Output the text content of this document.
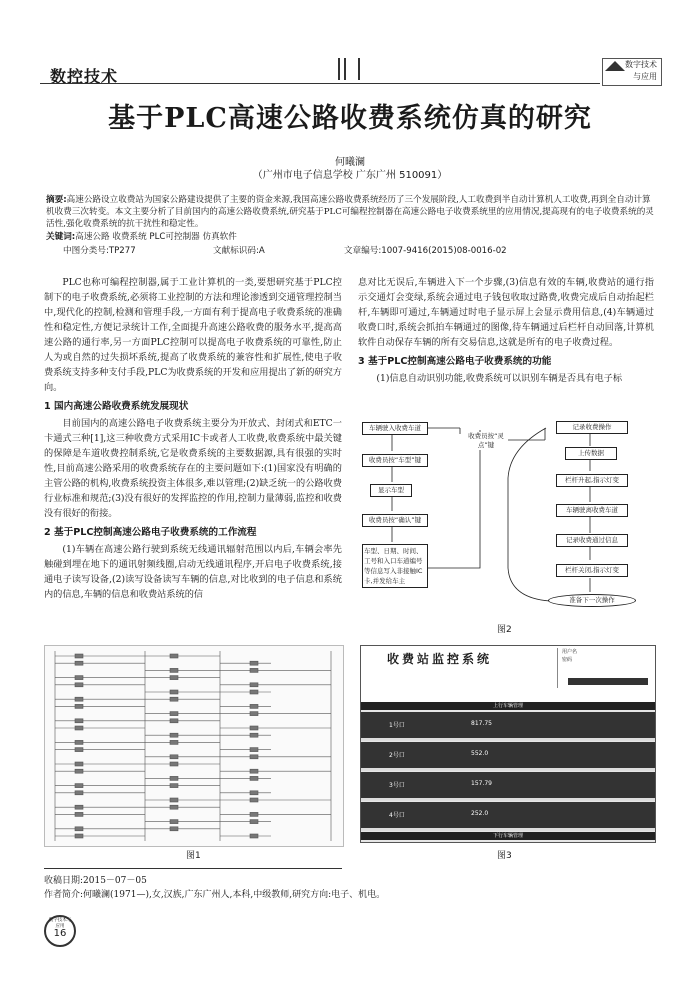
数控技术
数字技术
与应用
基于PLC高速公路收费系统仿真的研究
何曦澜
（广州市电子信息学校 广东广州 510091）
摘要:高速公路设立收费站为国家公路建设提供了主要的资金来源,我国高速公路收费系统经历了三个发展阶段,人工收费到半自动计算机人工收费,再到全自动计算机收费三次转变。本文主要分析了目前国内的高速公路收费系统,研究基于PLC可编程控制器在高速公路电子收费系统里的应用情况,提高现有的电子收费系统的灵活性,强化收费系统的抗干扰性和稳定性。
关键词:高速公路 收费系统 PLC可控制器 仿真软件
中图分类号:TP277	文献标识码:A	文章编号:1007-9416(2015)08-0016-02

PLC也称可编程控制器,属于工业计算机的一类,要想研究基于PLC控制下的电子收费系统,必须将工业控制的方法和理论渗透到交通管理控制当中,现代化的控制,检测和管理手段,一方面有利于提高电子收费系统的准确性和稳定性,方便记录统计工作,全面提升高速公路收费的服务水平,提高高速公路的通行率,另一方面PLC控制可以提高电子收费系统的可靠性,防止人为或自然的过失损坏系统,提高了收费系统的兼容性和扩展性,使电子收费系统支持多种支付手段,PLC为收费系统的开发和应用提出了新的研究方向。

1 国内高速公路收费系统发展现状

目前国内的高速公路电子收费系统主要分为开放式、封闭式和ETC一卡通式三种[1],这三种收费方式采用IC卡或者人工收费,收费系统中最关键的保障是车道收费控制系统,它是收费系统的主要数据源,具有很强的实时性,目前高速公路采用的收费系统存在的主要问题如下:(1)国家没有明确的主管公路的机构,收费系统投资主体很多,难以管理;(2)缺乏统一的公路收费行业标准和规范;(3)没有很好的发挥监控的作用,控制力量薄弱,监控和收费没有很好的衔接。

2 基于PLC控制高速公路电子收费系统的工作流程

(1)车辆在高速公路行驶到系统无线通讯辐射范围以内后,车辆会率先触碰到埋在地下的通讯射频线圈,启动无线通讯程序,开启电子收费系统,接通电子读写设备,(2)读写设备读写车辆的信息,对比收到的电子信息和系统内的信息,车辆的信息和收费站系统的信

息对比无误后,车辆进入下一个步骤,(3)信息有效的车辆,收费站的通行指示交通灯会变绿,系统会通过电子钱包收取过路费,收费完成后自动抬起栏杆,车辆即可通过,车辆通过时电子显示屏上会显示费用信息,(4)车辆通过收费口时,系统会抓拍车辆通过的图像,待车辆通过后栏杆自动回落,计算机软件自动保存车辆的所有交易信息,这就是所有的电子收费过程。

3 基于PLC控制高速公路电子收费系统的功能

(1)信息自动识别功能,收费系统可以识别车辆是否具有电子标

车辆驶入收费车道
收费员按“车型”键
显示车型
收费员按“确认”键
车型、日期、时间、工号和入口车道编号等信息写入非接触IC卡,并发给车主
收费员按“灵点”键
记录收费操作
上传数据
栏杆升起,指示灯变
车辆驶离收费车道
记录收费通过信息
栏杆关闭,指示灯变
准备下一次操作
图2
图1
收费站监控系统	用户名
密码
上行车辆管理
1号口	817.75
2号口	552.0
3号口	157.79
4号口	252.0
下行车辆管理
图3
收稿日期:2015－07－05
作者简介:何曦澜(1971—),女,汉族,广东广州人,本科,中级教师,研究方向:电子、机电。
数字技术与应用
16
